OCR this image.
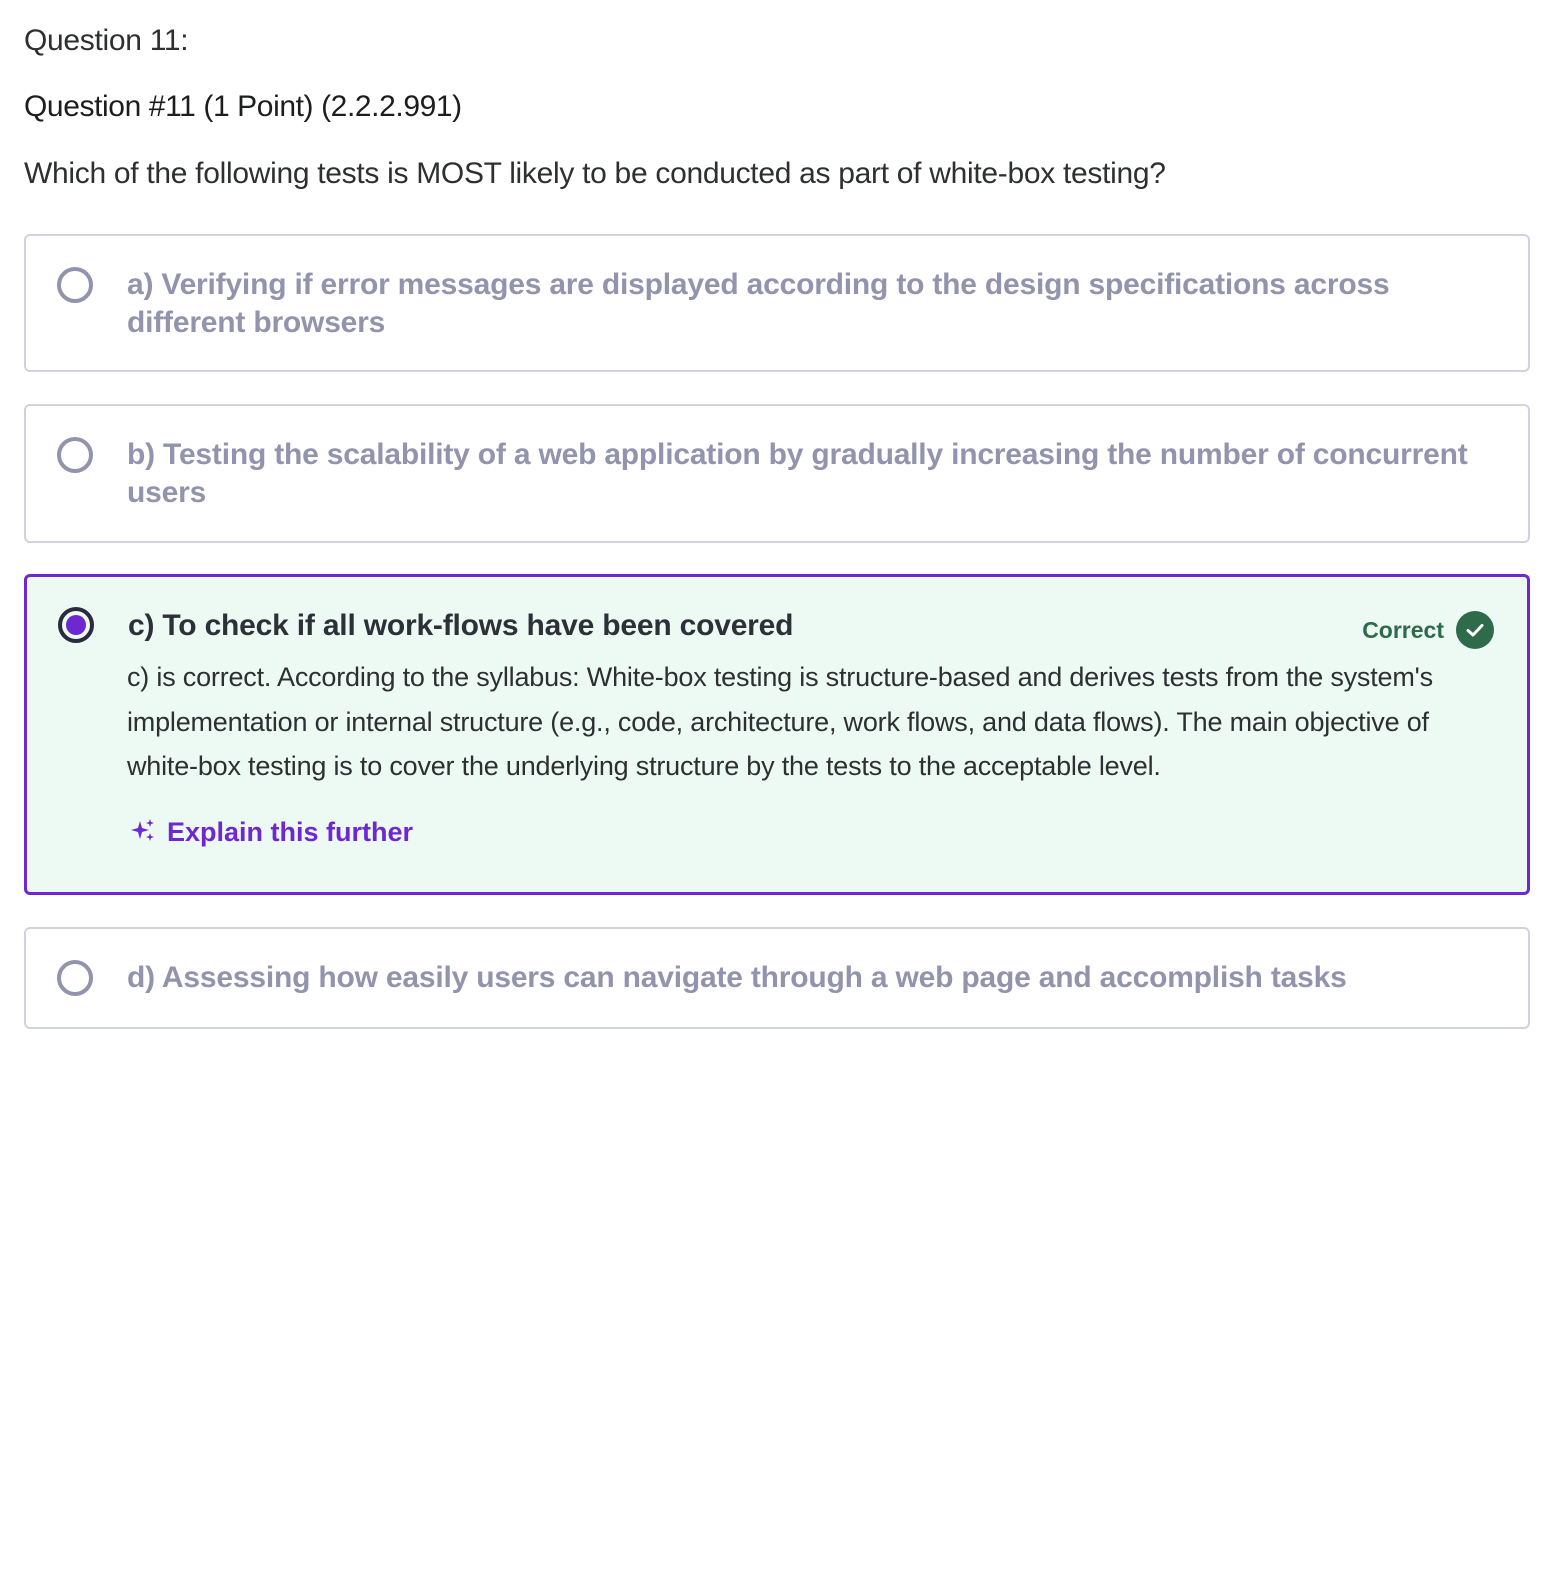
Question 11:
Question #11 (1 Point) (2.2.2.991)
Which of the following tests is MOST likely to be conducted as part of white-box testing?
a) Verifying if error messages are displayed according to the design specifications across different browsers
b) Testing the scalability of a web application by gradually increasing the number of concurrent users
c) To check if all work-flows have been covered	Correct
c) is correct. According to the syllabus: White-box testing is structure-based and derives tests from the system's implementation or internal structure (e.g., code, architecture, work flows, and data flows). The main objective of white-box testing is to cover the underlying structure by the tests to the acceptable level.
Explain this further
d) Assessing how easily users can navigate through a web page and accomplish tasks
